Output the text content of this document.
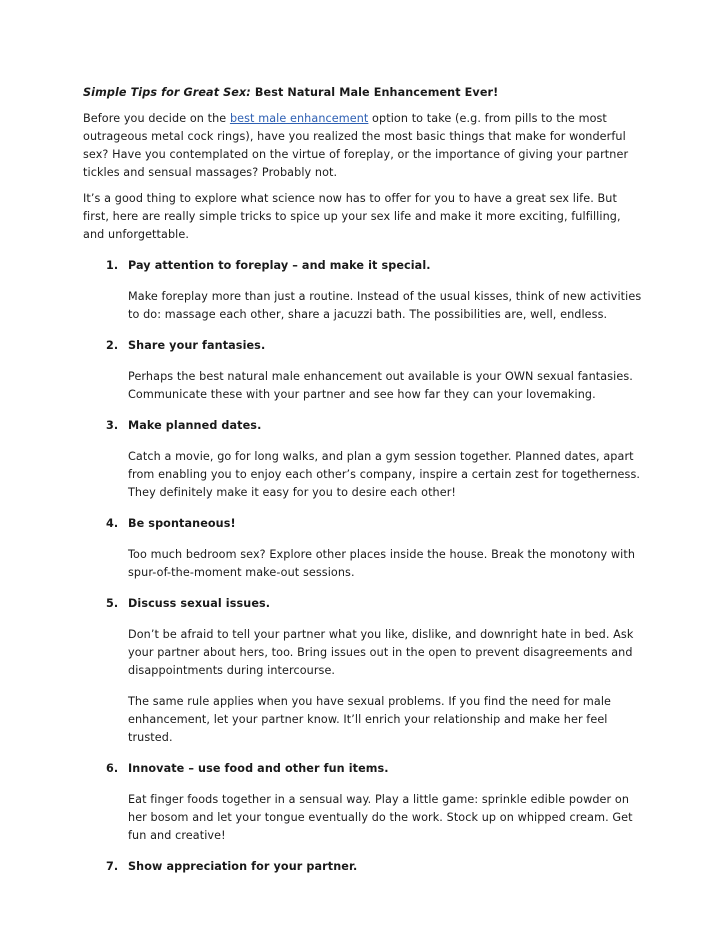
Simple Tips for Great Sex: Best Natural Male Enhancement Ever!

Before you decide on the best male enhancement option to take (e.g. from pills to the most outrageous metal cock rings), have you realized the most basic things that make for wonderful sex? Have you contemplated on the virtue of foreplay, or the importance of giving your partner tickles and sensual massages? Probably not.

It’s a good thing to explore what science now has to offer for you to have a great sex life. But first, here are really simple tricks to spice up your sex life and make it more exciting, fulfilling, and unforgettable.

1. Pay attention to foreplay – and make it special.
Make foreplay more than just a routine. Instead of the usual kisses, think of new activities to do: massage each other, share a jacuzzi bath. The possibilities are, well, endless.
2. Share your fantasies.
Perhaps the best natural male enhancement out available is your OWN sexual fantasies. Communicate these with your partner and see how far they can your lovemaking.
3. Make planned dates.
Catch a movie, go for long walks, and plan a gym session together. Planned dates, apart from enabling you to enjoy each other’s company, inspire a certain zest for togetherness. They definitely make it easy for you to desire each other!
4. Be spontaneous!
Too much bedroom sex? Explore other places inside the house. Break the monotony with spur-of-the-moment make-out sessions.
5. Discuss sexual issues.
Don’t be afraid to tell your partner what you like, dislike, and downright hate in bed. Ask your partner about hers, too. Bring issues out in the open to prevent disagreements and disappointments during intercourse.
The same rule applies when you have sexual problems. If you find the need for male enhancement, let your partner know. It’ll enrich your relationship and make her feel trusted.
6. Innovate – use food and other fun items.
Eat finger foods together in a sensual way. Play a little game: sprinkle edible powder on her bosom and let your tongue eventually do the work. Stock up on whipped cream. Get fun and creative!
7. Show appreciation for your partner.
